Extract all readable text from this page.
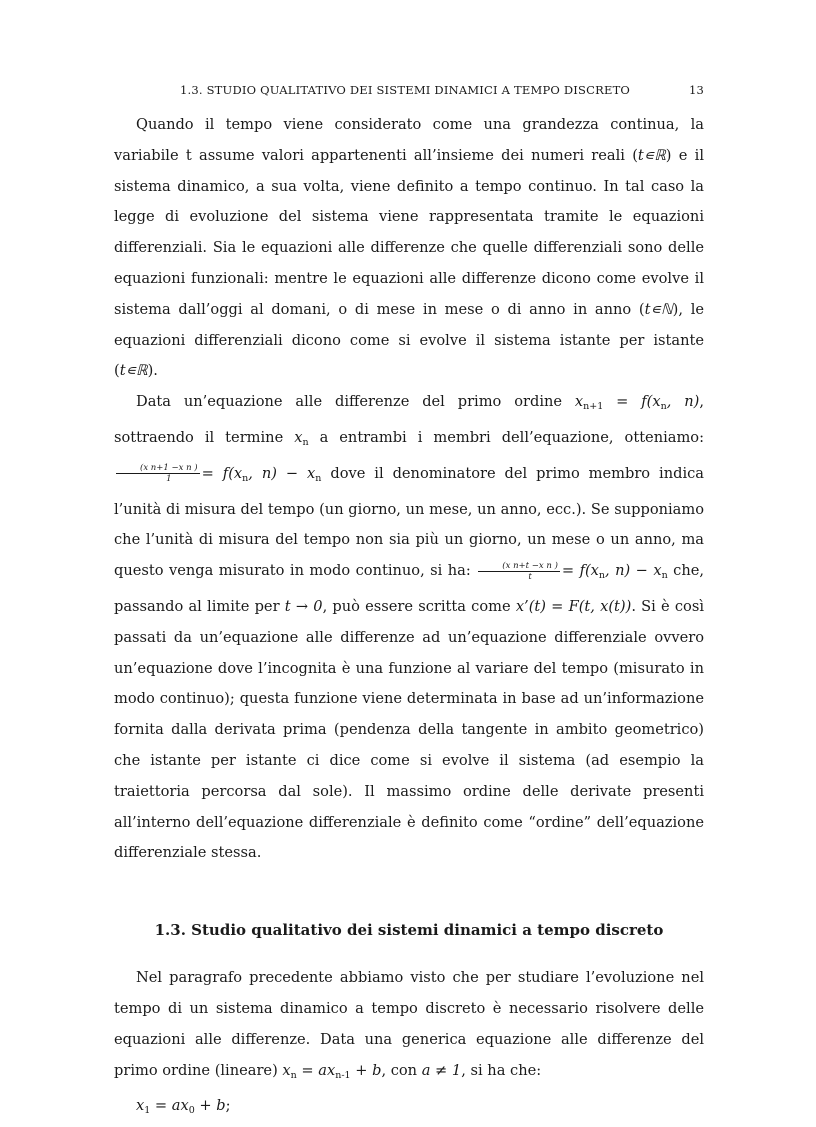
1.3. STUDIO QUALITATIVO DEI SISTEMI DINAMICI A TEMPO DISCRETO	13

Quando il tempo viene considerato come una grandezza continua, la variabile t assume valori appartenenti all’insieme dei numeri reali (t∊ℝ) e il sistema dinamico, a sua volta, viene definito a tempo continuo. In tal caso la legge di evoluzione del sistema viene rappresentata tramite le equazioni differenziali. Sia le equazioni alle differenze che quelle differenziali sono delle equazioni funzionali: mentre le equazioni alle differenze dicono come evolve il sistema dall’oggi al domani, o di mese in mese o di anno in anno (t∊ℕ), le equazioni differenziali dicono come si evolve il sistema istante per istante (t∊ℝ).

Data un’equazione alle differenze del primo ordine $x_{n+1} = f(x_n$, n), sottraendo il termine $x_n$ a entrambi i membri dell’equazione, otteniamo:
$\frac{\text{(x n+1 −x n )}}{1} = f(x_n$, $n) - x_n$ dove il denominatore del primo membro indica l’unità di misura del tempo (un giorno, un mese, un anno, ecc.). Se supponiamo che l’unità di misura del tempo non sia più un giorno, un mese o un anno, ma questo venga misurato in modo continuo, si ha: $\frac{\text{(x n+t −x n )}}{t} = f(x_n$, $n) - x_n$ che, passando al limite per t → 0, può essere scritta come x’(t) = F(t, x(t)). Si è così passati da un’equazione alle differenze ad un’equazione differenziale ovvero un’equazione dove l’incognita è una funzione al variare del tempo (misurato in modo continuo); questa funzione viene determinata in base ad un’informazione fornita dalla derivata prima (pendenza della tangente in ambito geometrico) che istante per istante ci dice come si evolve il sistema (ad esempio la traiettoria percorsa dal sole). Il massimo ordine delle derivate presenti all’interno dell’equazione differenziale è definito come “ordine” dell’equazione differenziale stessa.

1.3. Studio qualitativo dei sistemi dinamici a tempo discreto

Nel paragrafo precedente abbiamo visto che per studiare l’evoluzione nel tempo di un sistema dinamico a tempo discreto è necessario risolvere delle equazioni alle differenze. Data una generica equazione alle differenze del primo ordine (lineare) $x_n = ax_{n-1} + b$, con a ≠ 1, si ha che:

$x_1 = ax_0 + b$;
